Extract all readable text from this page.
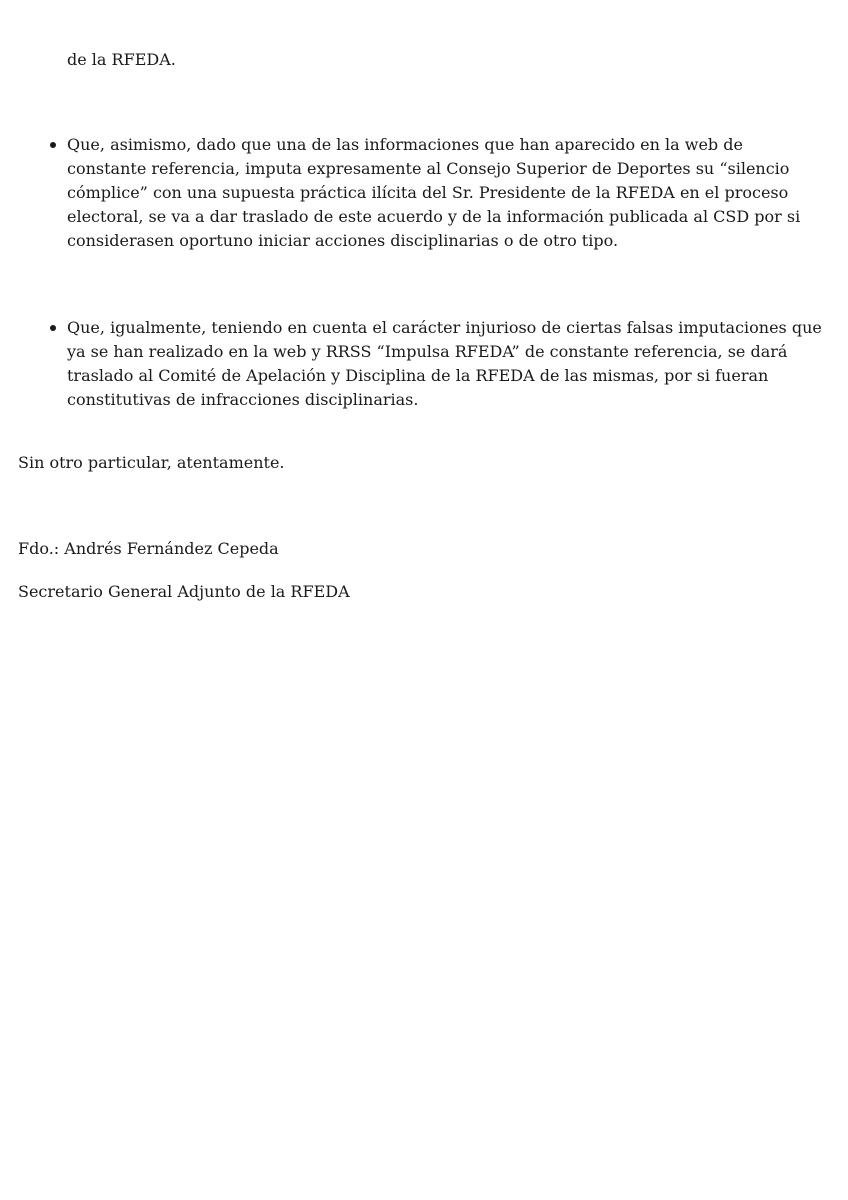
de la RFEDA.

Que, asimismo, dado que una de las informaciones que han aparecido en la web de constante referencia, imputa expresamente al Consejo Superior de Deportes su “silencio cómplice” con una supuesta práctica ilícita del Sr. Presidente de la RFEDA en el proceso electoral, se va a dar traslado de este acuerdo y de la información publicada al CSD por si considerasen oportuno iniciar acciones disciplinarias o de otro tipo.
Que, igualmente, teniendo en cuenta el carácter injurioso de ciertas falsas imputaciones que ya se han realizado en la web y RRSS “Impulsa RFEDA” de constante referencia, se dará traslado al Comité de Apelación y Disciplina de la RFEDA de las mismas, por si fueran constitutivas de infracciones disciplinarias.

Sin otro particular, atentamente.

Fdo.: Andrés Fernández Cepeda

Secretario General Adjunto de la RFEDA
